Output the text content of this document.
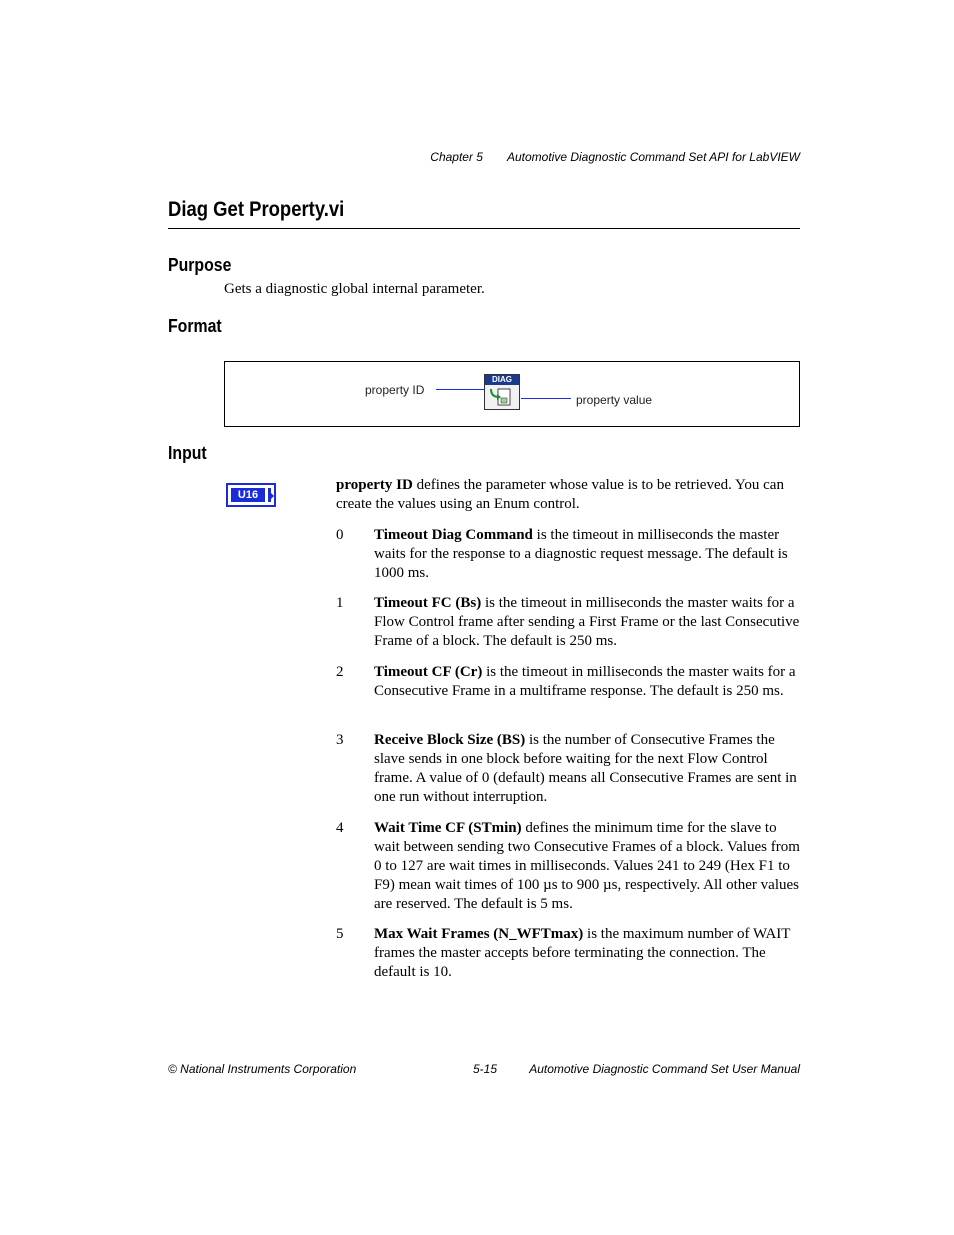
Chapter 5 Automotive Diagnostic Command Set API for LabVIEW
Diag Get Property.vi
Purpose
Gets a diagnostic global internal parameter.
Format
property ID
DIAG
property value
Input
U16
property ID defines the parameter whose value is to be retrieved. You can create the values using an Enum control.
0 Timeout Diag Command is the timeout in milliseconds the master waits for the response to a diagnostic request message. The default is 1000 ms.
1 Timeout FC (Bs) is the timeout in milliseconds the master waits for a Flow Control frame after sending a First Frame or the last Consecutive Frame of a block. The default is 250 ms.
2 Timeout CF (Cr) is the timeout in milliseconds the master waits for a Consecutive Frame in a multiframe response. The default is 250 ms.
3 Receive Block Size (BS) is the number of Consecutive Frames the slave sends in one block before waiting for the next Flow Control frame. A value of 0 (default) means all Consecutive Frames are sent in one run without interruption.
4 Wait Time CF (STmin) defines the minimum time for the slave to wait between sending two Consecutive Frames of a block. Values from 0 to 127 are wait times in milliseconds. Values 241 to 249 (Hex F1 to F9) mean wait times of 100 µs to 900 µs, respectively. All other values are reserved. The default is 5 ms.
5 Max Wait Frames (N_WFTmax) is the maximum number of WAIT frames the master accepts before terminating the connection. The default is 10.
© National Instruments Corporation	5-15	Automotive Diagnostic Command Set User Manual
